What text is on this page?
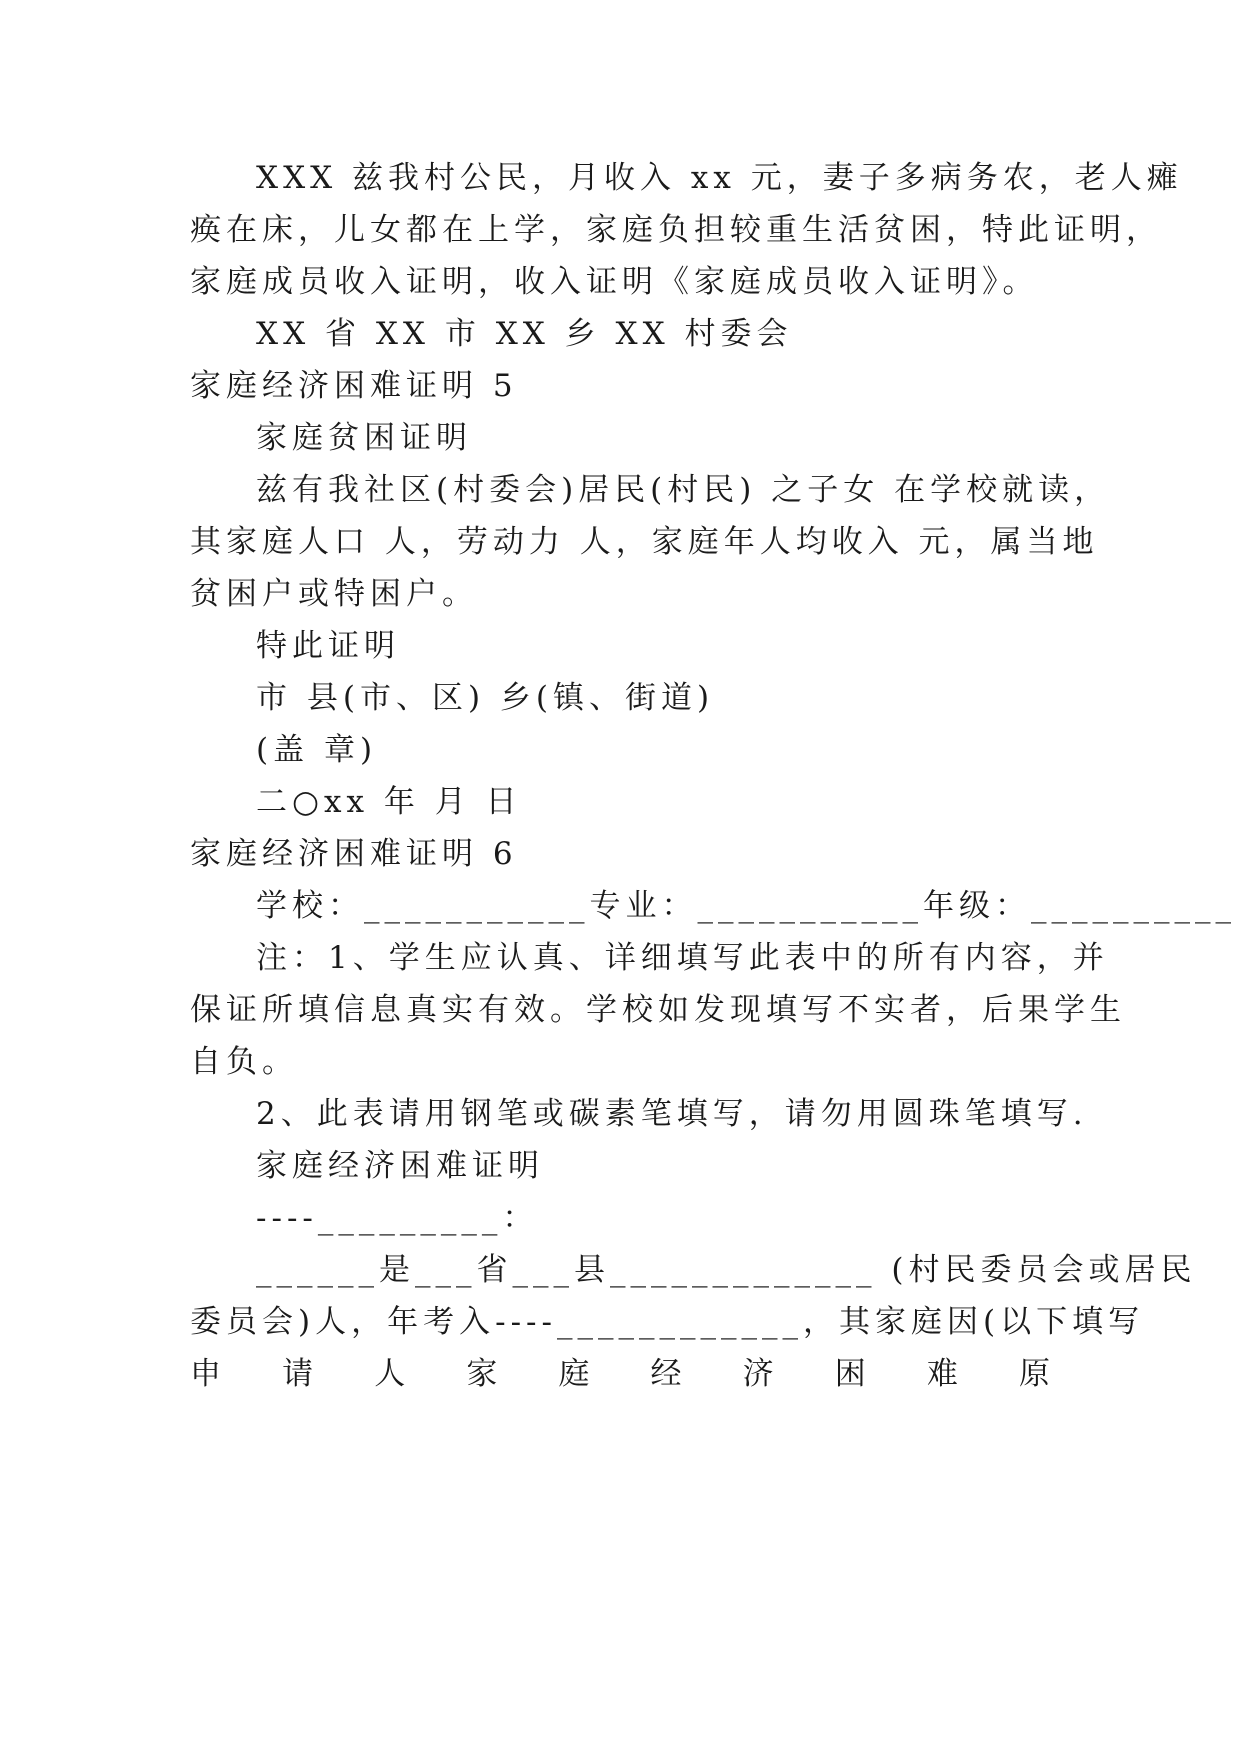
XXX 兹我村公民，月收入 xx 元，妻子多病务农，老人瘫
痪在床，儿女都在上学，家庭负担较重生活贫困，特此证明，
家庭成员收入证明，收入证明《家庭成员收入证明》。
XX 省 XX 市 XX 乡 XX 村委会
家庭经济困难证明 5
家庭贫困证明
兹有我社区(村委会)居民(村民) 之子女 在学校就读，
其家庭人口 人，劳动力 人，家庭年人均收入 元，属当地
贫困户或特困户。
特此证明
市 县(市、区) 乡(镇、街道)
(盖 章)
二○xx 年 月 日
家庭经济困难证明 6
学校：___________专业：___________年级：__________
注：1、学生应认真、详细填写此表中的所有内容，并
保证所填信息真实有效。学校如发现填写不实者，后果学生
自负。
2、此表请用钢笔或碳素笔填写，请勿用圆珠笔填写.
家庭经济困难证明
----_________：
______是___省___县_____________ (村民委员会或居民
委员会)人，年考入----____________，其家庭因(以下填写
申 请 人 家 庭 经 济 困 难 原
